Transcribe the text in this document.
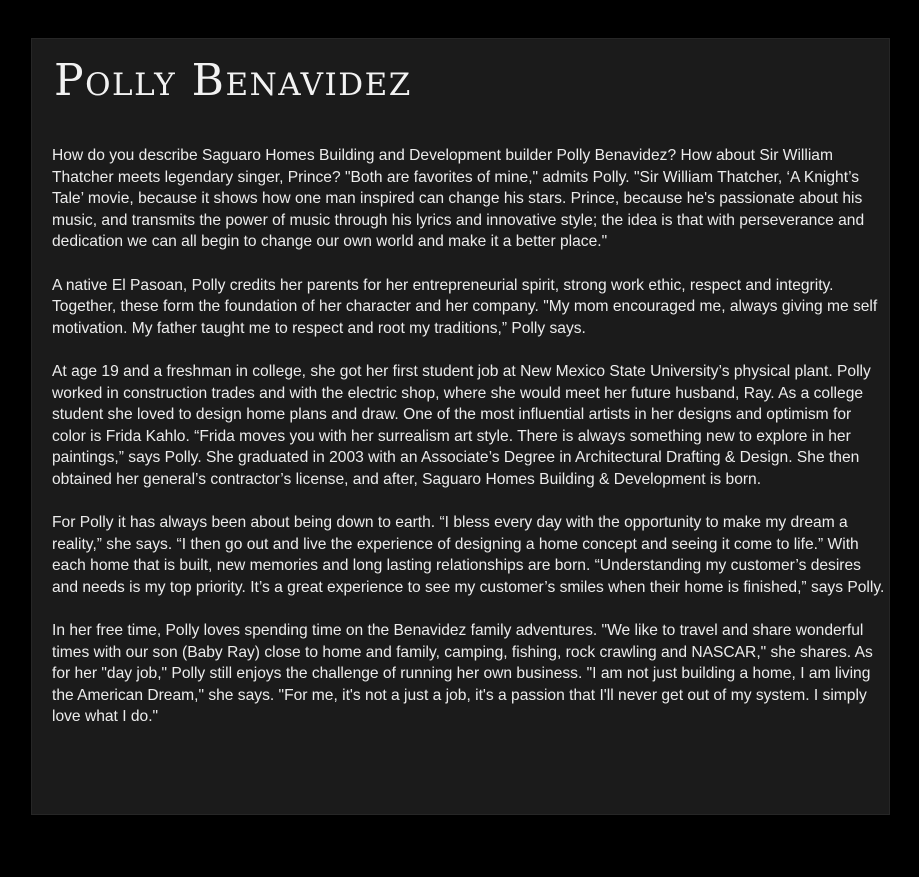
Polly Benavidez

How do you describe Saguaro Homes Building and Development builder Polly Benavidez? How about Sir William Thatcher meets legendary singer, Prince? "Both are favorites of mine," admits Polly. "Sir William Thatcher, ‘A Knight’s Tale’ movie, because it shows how one man inspired can change his stars. Prince, because he's passionate about his music, and transmits the power of music through his lyrics and innovative style; the idea is that with perseverance and dedication we can all begin to change our own world and make it a better place."

A native El Pasoan, Polly credits her parents for her entrepreneurial spirit, strong work ethic, respect and integrity. Together, these form the foundation of her character and her company. "My mom encouraged me, always giving me self motivation. My father taught me to respect and root my traditions,” Polly says.

At age 19 and a freshman in college, she got her first student job at New Mexico State University’s physical plant. Polly worked in construction trades and with the electric shop, where she would meet her future husband, Ray. As a college student she loved to design home plans and draw. One of the most influential artists in her designs and optimism for color is Frida Kahlo. “Frida moves you with her surrealism art style. There is always something new to explore in her paintings,” says Polly. She graduated in 2003 with an Associate’s Degree in Architectural Drafting & Design. She then obtained her general’s contractor’s license, and after, Saguaro Homes Building & Development is born.

For Polly it has always been about being down to earth. “I bless every day with the opportunity to make my dream a reality,” she says. “I then go out and live the experience of designing a home concept and seeing it come to life.” With each home that is built, new memories and long lasting relationships are born. “Understanding my customer’s desires and needs is my top priority. It’s a great experience to see my customer’s smiles when their home is finished,” says Polly.

In her free time, Polly loves spending time on the Benavidez family adventures. "We like to travel and share wonderful times with our son (Baby Ray) close to home and family, camping, fishing, rock crawling and NASCAR," she shares. As for her "day job," Polly still enjoys the challenge of running her own business. "I am not just building a home, I am living the American Dream," she says. "For me, it's not a just a job, it's a passion that I'll never get out of my system. I simply love what I do."
